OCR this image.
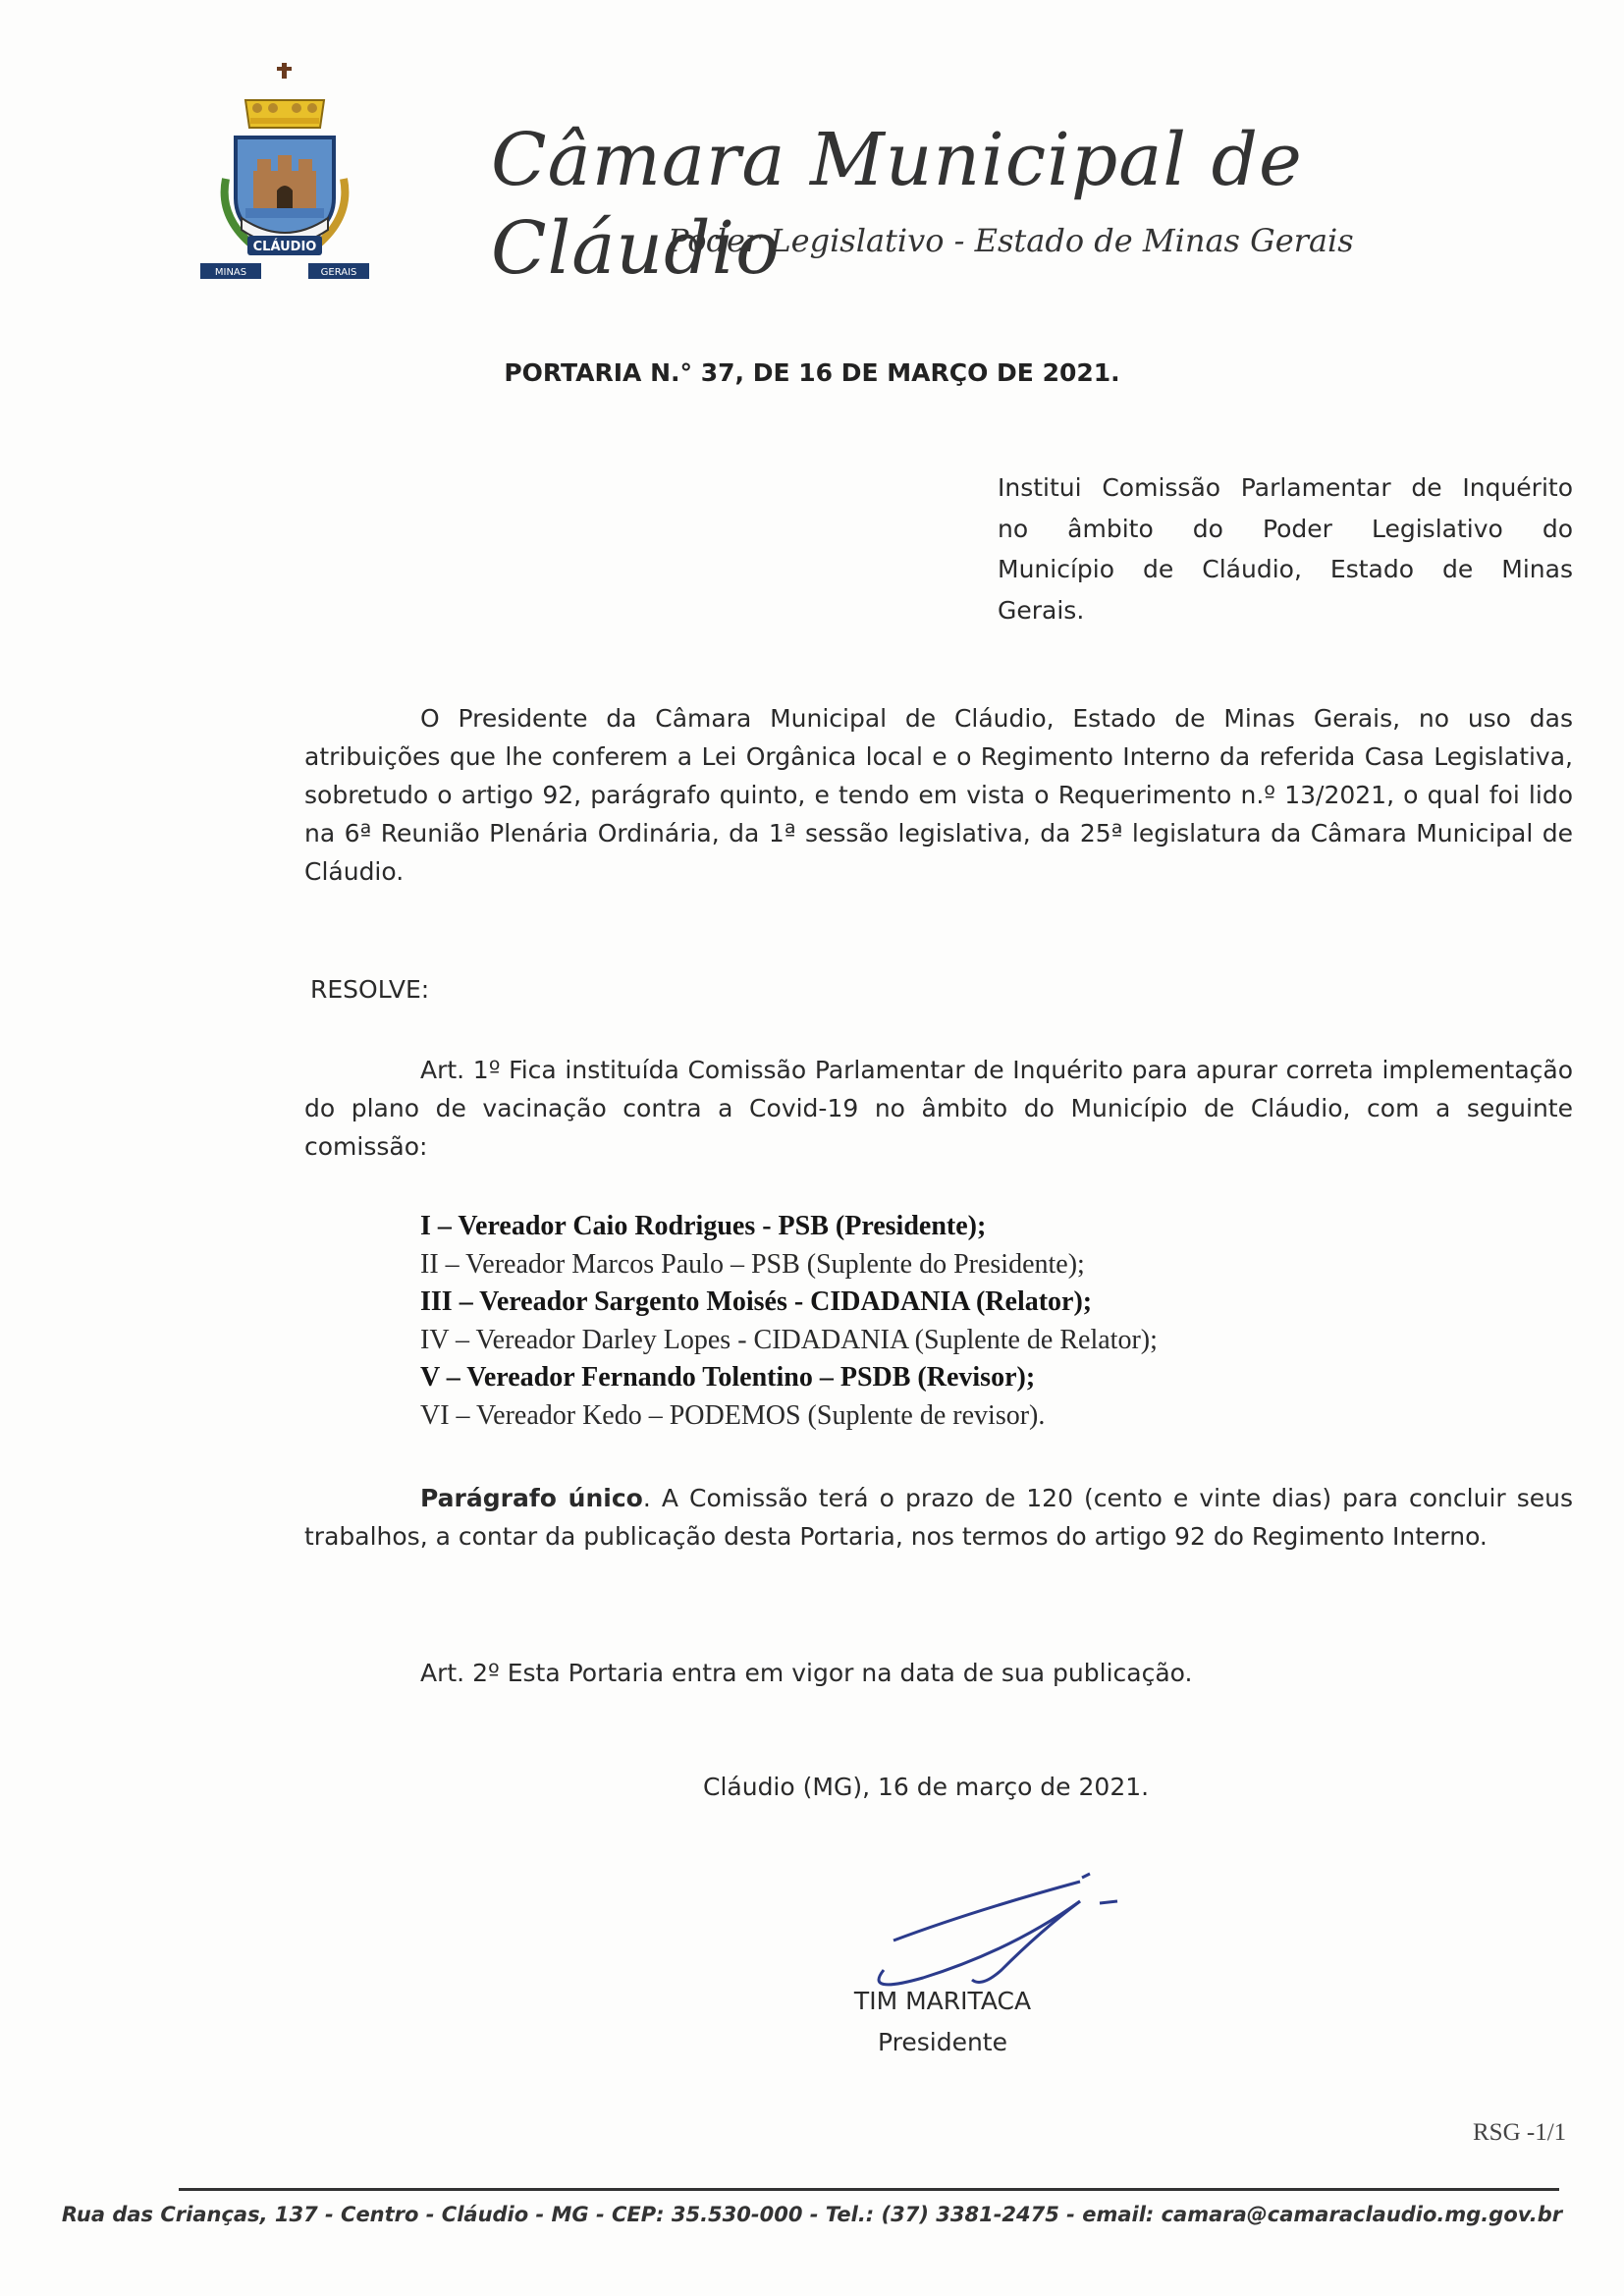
CLÁUDIO
MINAS	GERAIS
Câmara Municipal de Cláudio
Poder Legislativo - Estado de Minas Gerais
PORTARIA N.° 37, DE 16 DE MARÇO DE 2021.
Institui Comissão Parlamentar de Inquérito
no âmbito do Poder Legislativo do
Município de Cláudio, Estado de Minas
Gerais.
O Presidente da Câmara Municipal de Cláudio, Estado de Minas Gerais, no uso das atribuições que lhe conferem a Lei Orgânica local e o Regimento Interno da referida Casa Legislativa, sobretudo o artigo 92, parágrafo quinto, e tendo em vista o Requerimento n.º 13/2021, o qual foi lido na 6ª Reunião Plenária Ordinária, da 1ª sessão legislativa, da 25ª legislatura da Câmara Municipal de Cláudio.
RESOLVE:
Art. 1º Fica instituída Comissão Parlamentar de Inquérito para apurar correta implementação do plano de vacinação contra a Covid-19 no âmbito do Município de Cláudio, com a seguinte comissão:
I – Vereador Caio Rodrigues - PSB (Presidente);
II – Vereador Marcos Paulo – PSB (Suplente do Presidente);
III – Vereador Sargento Moisés - CIDADANIA (Relator);
IV – Vereador Darley Lopes - CIDADANIA (Suplente de Relator);
V – Vereador Fernando Tolentino – PSDB (Revisor);
VI – Vereador Kedo – PODEMOS (Suplente de revisor).
Parágrafo único. A Comissão terá o prazo de 120 (cento e vinte dias) para concluir seus trabalhos, a contar da publicação desta Portaria, nos termos do artigo 92 do Regimento Interno.
Art. 2º Esta Portaria entra em vigor na data de sua publicação.
Cláudio (MG), 16 de março de 2021.
TIM MARITACA
Presidente
RSG -1/1
Rua das Crianças, 137 - Centro - Cláudio - MG - CEP: 35.530-000 - Tel.: (37) 3381-2475 - email: camara@camaraclaudio.mg.gov.br
